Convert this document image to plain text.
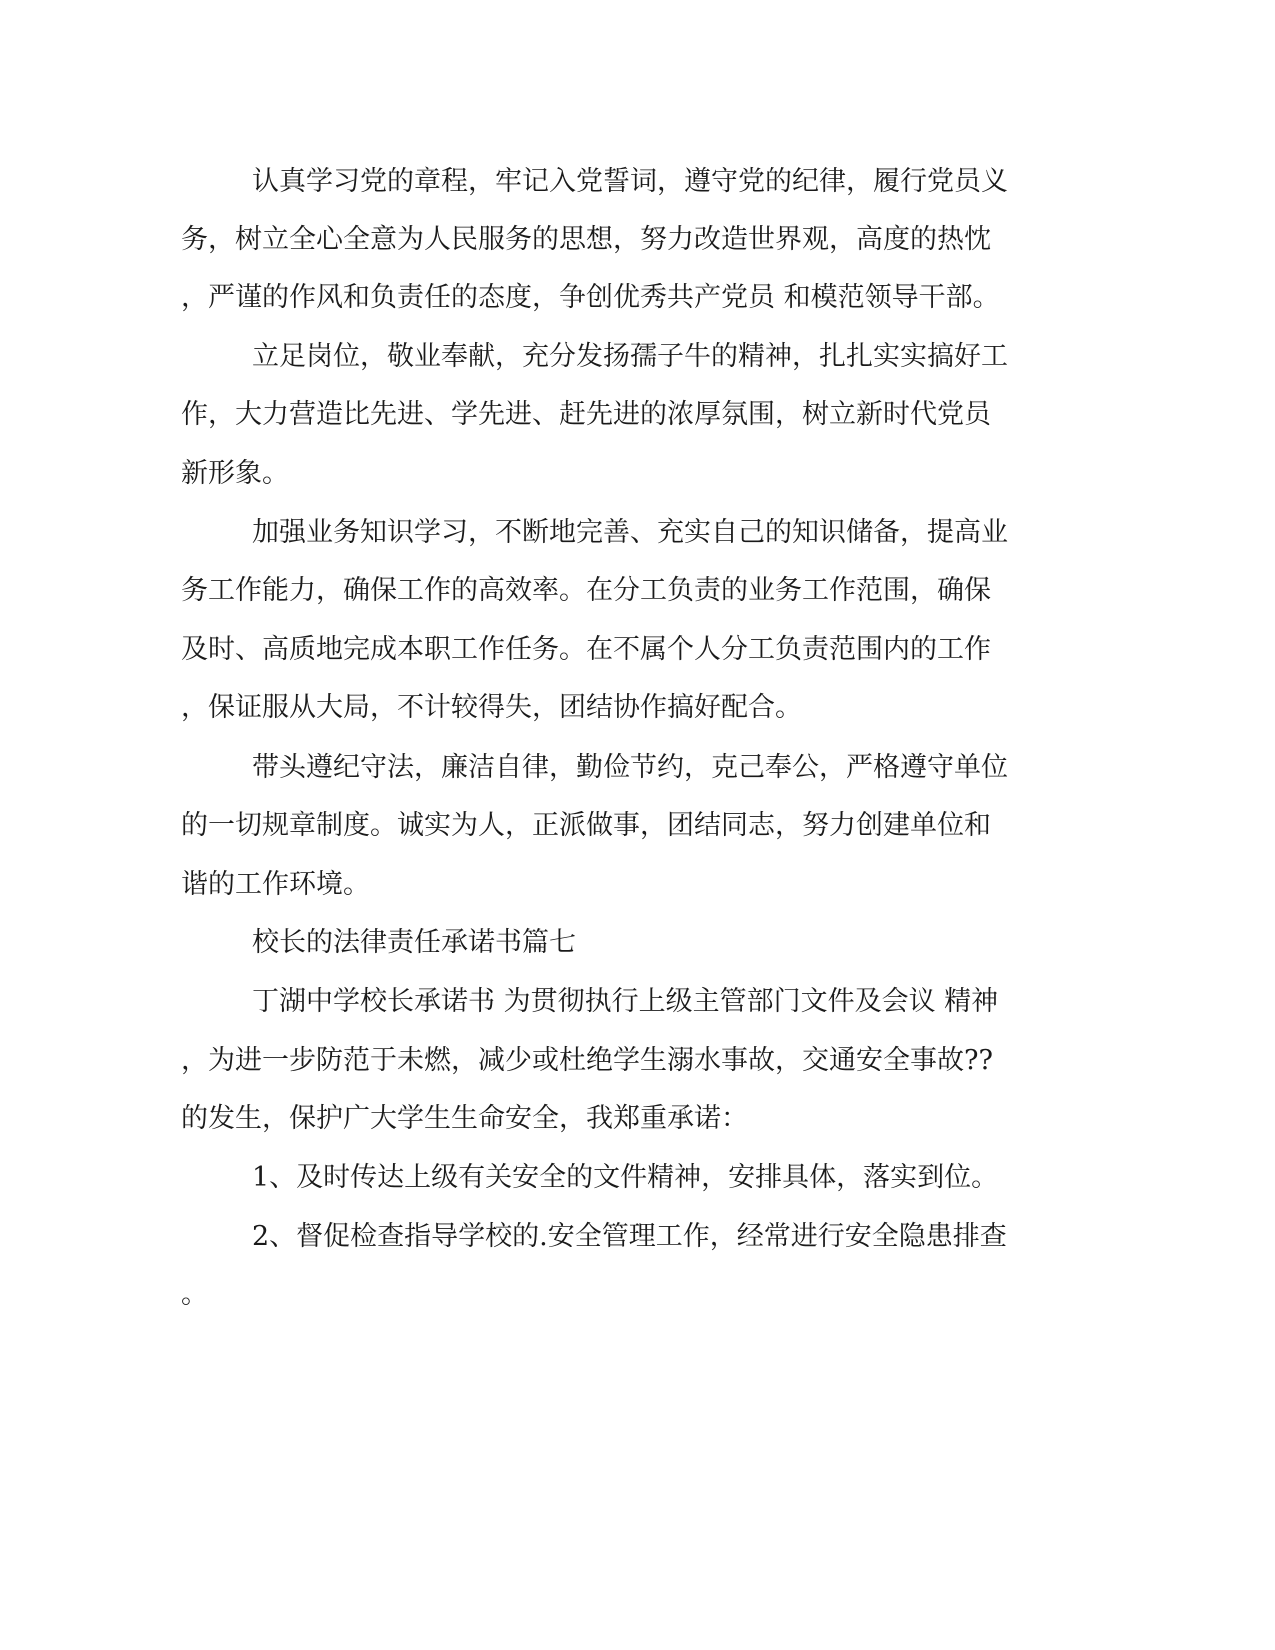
认真学习党的章程，牢记入党誓词，遵守党的纪律，履行党员义

务，树立全心全意为人民服务的思想，努力改造世界观，高度的热忱

，严谨的作风和负责任的态度，争创优秀共产党员 和模范领导干部。

立足岗位，敬业奉献，充分发扬孺子牛的精神，扎扎实实搞好工

作，大力营造比先进、学先进、赶先进的浓厚氛围，树立新时代党员

新形象。

加强业务知识学习，不断地完善、充实自己的知识储备，提高业

务工作能力，确保工作的高效率。在分工负责的业务工作范围，确保

及时、高质地完成本职工作任务。在不属个人分工负责范围内的工作

，保证服从大局，不计较得失，团结协作搞好配合。

带头遵纪守法，廉洁自律，勤俭节约，克己奉公，严格遵守单位

的一切规章制度。诚实为人，正派做事，团结同志，努力创建单位和

谐的工作环境。

校长的法律责任承诺书篇七

丁湖中学校长承诺书 为贯彻执行上级主管部门文件及会议 精神

，为进一步防范于未燃，减少或杜绝学生溺水事故，交通安全事故??

的发生，保护广大学生生命安全，我郑重承诺：

1、及时传达上级有关安全的文件精神，安排具体，落实到位。

2、督促检查指导学校的.安全管理工作，经常进行安全隐患排查

。
